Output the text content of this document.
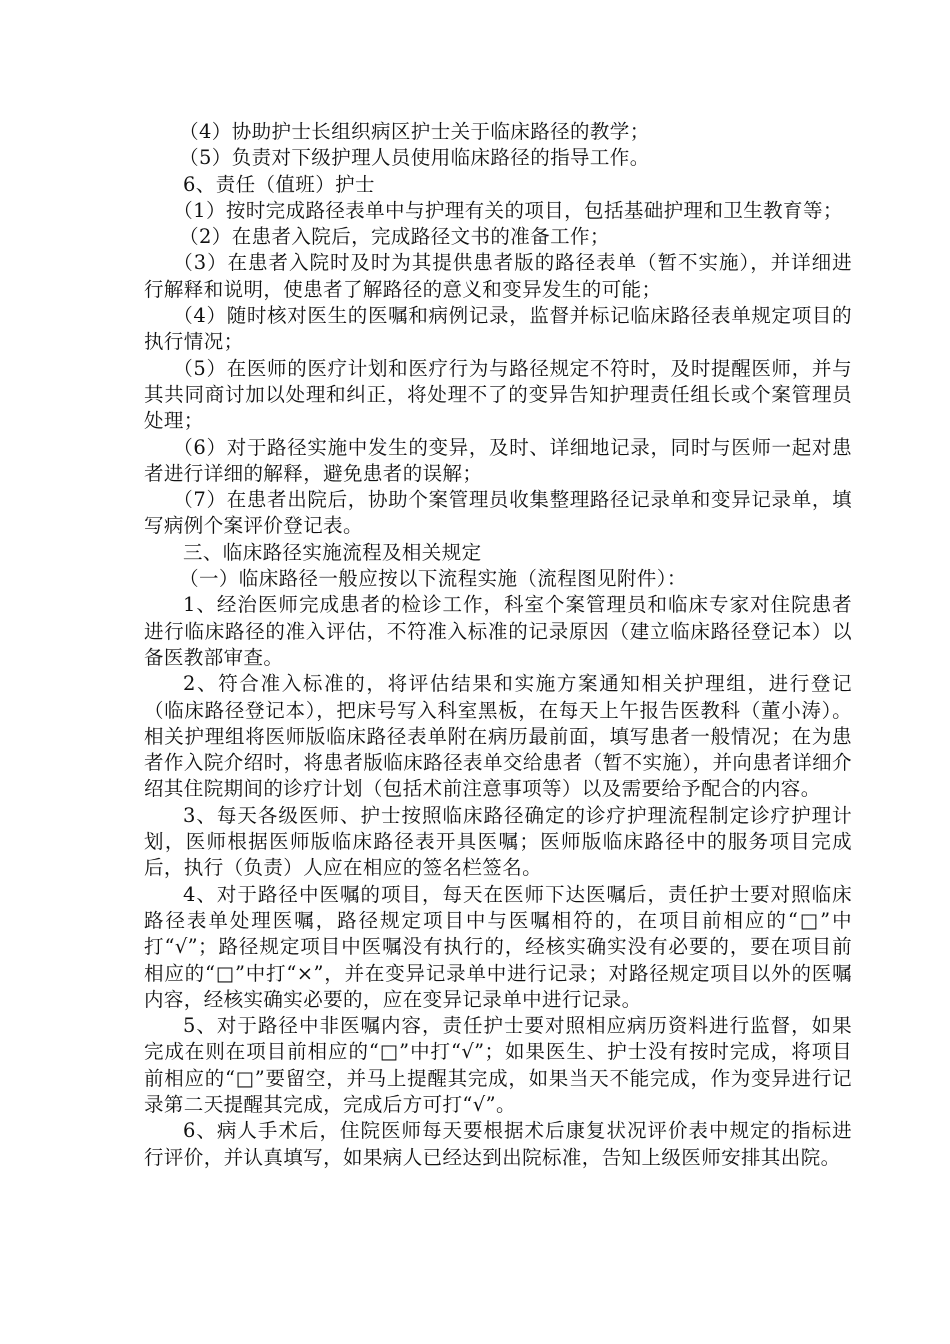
（4）协助护士长组织病区护士关于临床路径的教学；

（5）负责对下级护理人员使用临床路径的指导工作。

6、责任（值班）护士

（1）按时完成路径表单中与护理有关的项目，包括基础护理和卫生教育等；

（2）在患者入院后，完成路径文书的准备工作；

（3）在患者入院时及时为其提供患者版的路径表单（暂不实施），并详细进行解释和说明，使患者了解路径的意义和变异发生的可能；

（4）随时核对医生的医嘱和病例记录，监督并标记临床路径表单规定项目的执行情况；

（5）在医师的医疗计划和医疗行为与路径规定不符时，及时提醒医师，并与其共同商讨加以处理和纠正，将处理不了的变异告知护理责任组长或个案管理员处理；

（6）对于路径实施中发生的变异，及时、详细地记录，同时与医师一起对患者进行详细的解释，避免患者的误解；

（7）在患者出院后，协助个案管理员收集整理路径记录单和变异记录单，填写病例个案评价登记表。

三、临床路径实施流程及相关规定

（一）临床路径一般应按以下流程实施（流程图见附件）：

1、经治医师完成患者的检诊工作，科室个案管理员和临床专家对住院患者进行临床路径的准入评估，不符准入标准的记录原因（建立临床路径登记本）以备医教部审查。

2、符合准入标准的，将评估结果和实施方案通知相关护理组，进行登记（临床路径登记本），把床号写入科室黑板，在每天上午报告医教科（董小涛）。相关护理组将医师版临床路径表单附在病历最前面，填写患者一般情况；在为患者作入院介绍时，将患者版临床路径表单交给患者（暂不实施），并向患者详细介绍其住院期间的诊疗计划（包括术前注意事项等）以及需要给予配合的内容。

3、每天各级医师、护士按照临床路径确定的诊疗护理流程制定诊疗护理计划，医师根据医师版临床路径表开具医嘱；医师版临床路径中的服务项目完成后，执行（负责）人应在相应的签名栏签名。

4、对于路径中医嘱的项目，每天在医师下达医嘱后，责任护士要对照临床路径表单处理医嘱，路径规定项目中与医嘱相符的，在项目前相应的“□”中打“√”；路径规定项目中医嘱没有执行的，经核实确实没有必要的，要在项目前相应的“□”中打“×”，并在变异记录单中进行记录；对路径规定项目以外的医嘱内容，经核实确实必要的，应在变异记录单中进行记录。

5、对于路径中非医嘱内容，责任护士要对照相应病历资料进行监督，如果完成在则在项目前相应的“□”中打“√”；如果医生、护士没有按时完成，将项目前相应的“□”要留空，并马上提醒其完成，如果当天不能完成，作为变异进行记录第二天提醒其完成，完成后方可打“√”。

6、病人手术后，住院医师每天要根据术后康复状况评价表中规定的指标进行评价，并认真填写，如果病人已经达到出院标准，告知上级医师安排其出院。
